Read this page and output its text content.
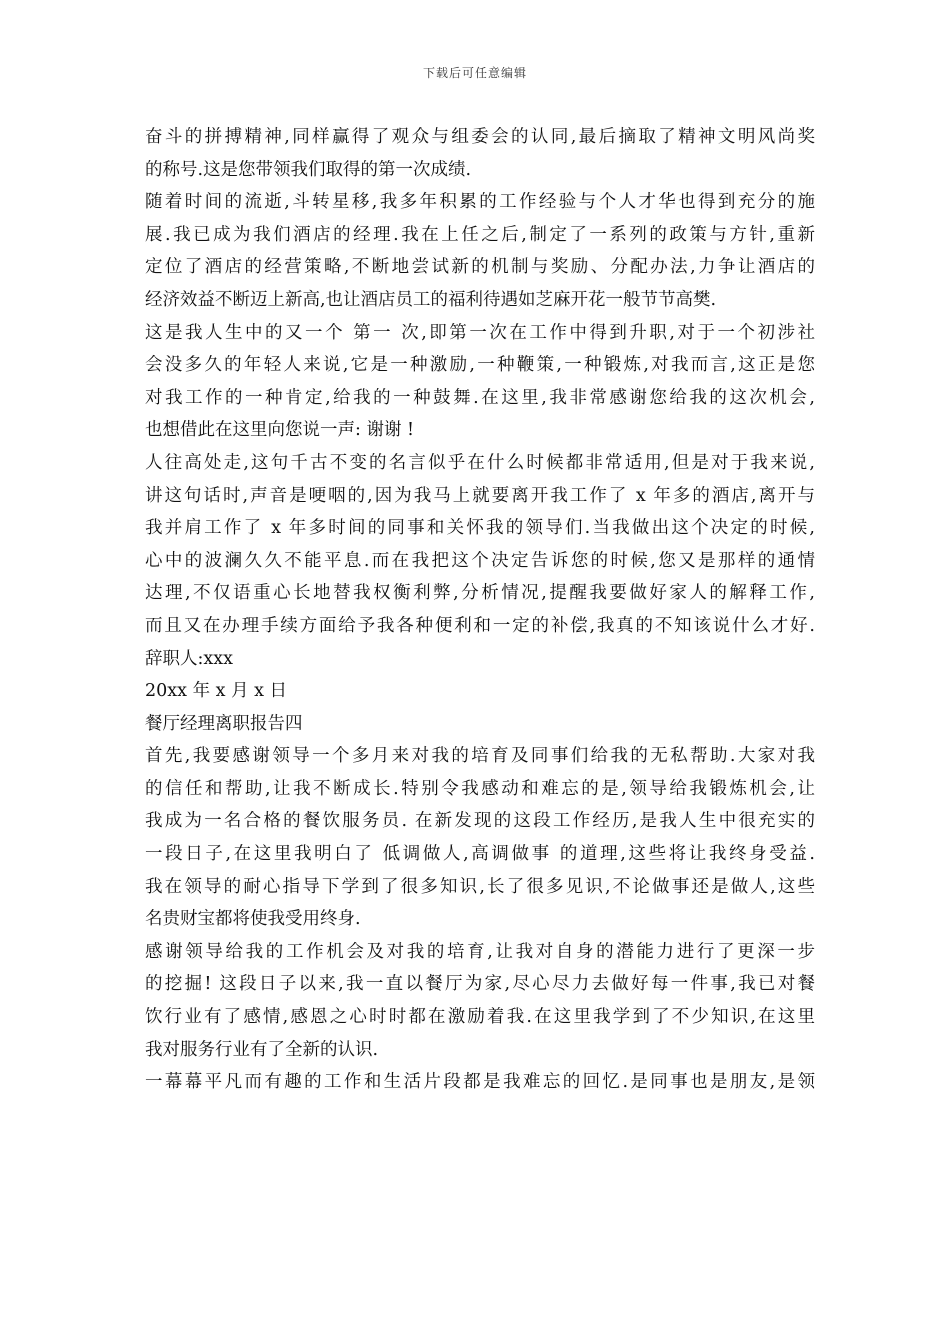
下载后可任意编辑
奋斗的拼搏精神,同样赢得了观众与组委会的认同,最后摘取了精神文明风尚奖
的称号.这是您带领我们取得的第一次成绩.
随着时间的流逝,斗转星移,我多年积累的工作经验与个人才华也得到充分的施
展.我已成为我们酒店的经理.我在上任之后,制定了一系列的政策与方针,重新
定位了酒店的经营策略,不断地尝试新的机制与奖励、分配办法,力争让酒店的
经济效益不断迈上新高,也让酒店员工的福利待遇如芝麻开花一般节节高樊.
这是我人生中的又一个 第一 次,即第一次在工作中得到升职,对于一个初涉社
会没多久的年轻人来说,它是一种激励,一种鞭策,一种锻炼,对我而言,这正是您
对我工作的一种肯定,给我的一种鼓舞.在这里,我非常感谢您给我的这次机会,
也想借此在这里向您说一声: 谢谢 !
人往高处走,这句千古不变的名言似乎在什么时候都非常适用,但是对于我来说,
讲这句话时,声音是哽咽的,因为我马上就要离开我工作了 x 年多的酒店,离开与
我并肩工作了 x 年多时间的同事和关怀我的领导们.当我做出这个决定的时候,
心中的波澜久久不能平息.而在我把这个决定告诉您的时候,您又是那样的通情
达理,不仅语重心长地替我权衡利弊,分析情况,提醒我要做好家人的解释工作,
而且又在办理手续方面给予我各种便利和一定的补偿,我真的不知该说什么才好.
辞职人:xxx
20xx 年 x 月 x 日
餐厅经理离职报告四
首先,我要感谢领导一个多月来对我的培育及同事们给我的无私帮助.大家对我
的信任和帮助,让我不断成长.特别令我感动和难忘的是,领导给我锻炼机会,让
我成为一名合格的餐饮服务员. 在新发现的这段工作经历,是我人生中很充实的
一段日子,在这里我明白了 低调做人,高调做事 的道理,这些将让我终身受益.
我在领导的耐心指导下学到了很多知识,长了很多见识,不论做事还是做人,这些
名贵财宝都将使我受用终身.
感谢领导给我的工作机会及对我的培育,让我对自身的潜能力进行了更深一步
的挖掘! 这段日子以来,我一直以餐厅为家,尽心尽力去做好每一件事,我已对餐
饮行业有了感情,感恩之心时时都在激励着我.在这里我学到了不少知识,在这里
我对服务行业有了全新的认识.
一幕幕平凡而有趣的工作和生活片段都是我难忘的回忆.是同事也是朋友,是领
